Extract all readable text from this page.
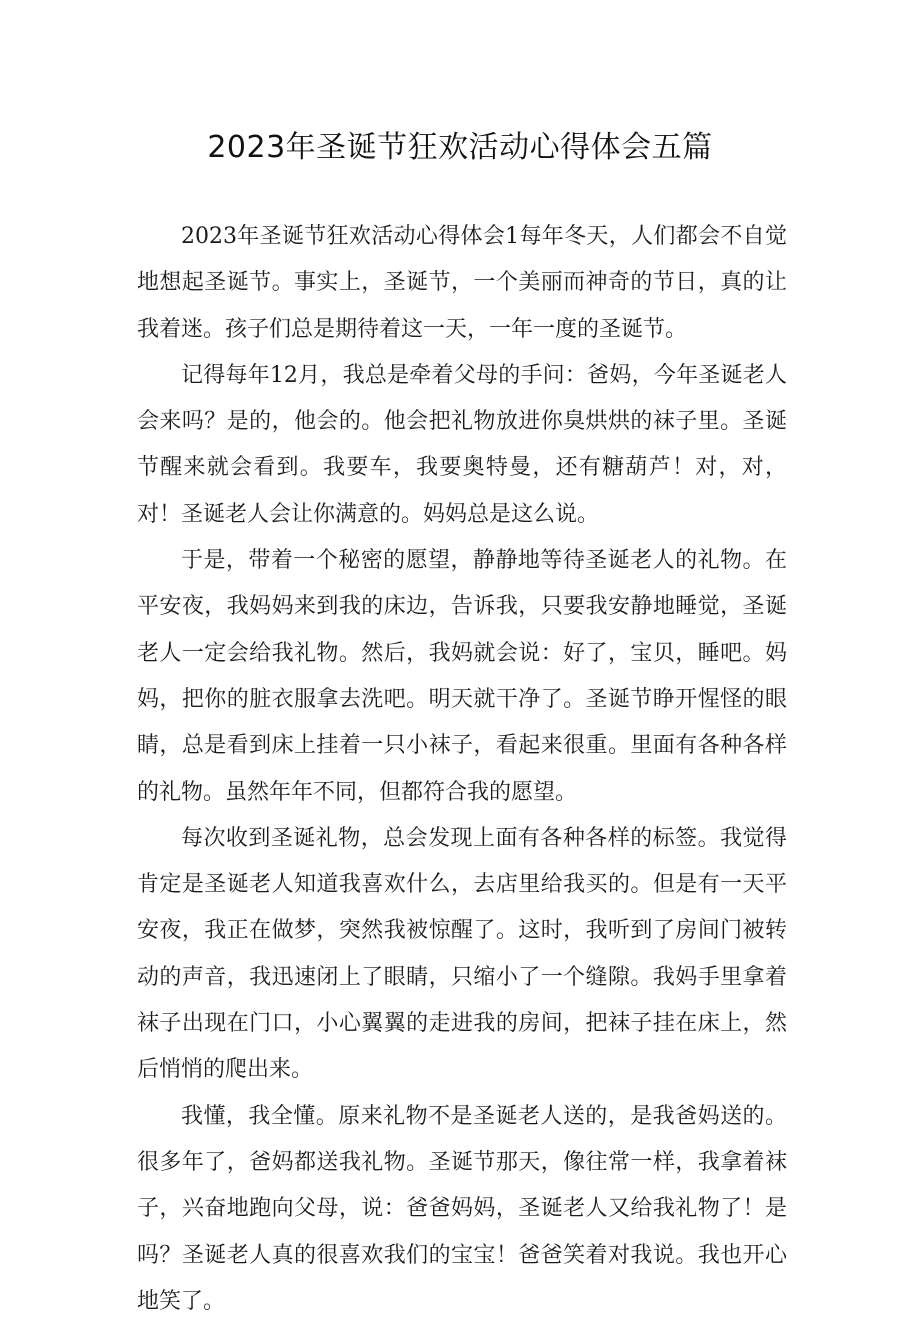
2023年圣诞节狂欢活动心得体会五篇

2023年圣诞节狂欢活动心得体会1每年冬天，人们都会不自觉地想起圣诞节。事实上，圣诞节，一个美丽而神奇的节日，真的让我着迷。孩子们总是期待着这一天，一年一度的圣诞节。

记得每年12月，我总是牵着父母的手问：爸妈，今年圣诞老人会来吗？是的，他会的。他会把礼物放进你臭烘烘的袜子里。圣诞节醒来就会看到。我要车，我要奥特曼，还有糖葫芦！对，对，对！圣诞老人会让你满意的。妈妈总是这么说。

于是，带着一个秘密的愿望，静静地等待圣诞老人的礼物。在平安夜，我妈妈来到我的床边，告诉我，只要我安静地睡觉，圣诞老人一定会给我礼物。然后，我妈就会说：好了，宝贝，睡吧。妈妈，把你的脏衣服拿去洗吧。明天就干净了。圣诞节睁开惺怪的眼睛，总是看到床上挂着一只小袜子，看起来很重。里面有各种各样的礼物。虽然年年不同，但都符合我的愿望。

每次收到圣诞礼物，总会发现上面有各种各样的标签。我觉得肯定是圣诞老人知道我喜欢什么，去店里给我买的。但是有一天平安夜，我正在做梦，突然我被惊醒了。这时，我听到了房间门被转动的声音，我迅速闭上了眼睛，只缩小了一个缝隙。我妈手里拿着袜子出现在门口，小心翼翼的走进我的房间，把袜子挂在床上，然后悄悄的爬出来。

我懂，我全懂。原来礼物不是圣诞老人送的，是我爸妈送的。很多年了，爸妈都送我礼物。圣诞节那天，像往常一样，我拿着袜子，兴奋地跑向父母，说：爸爸妈妈，圣诞老人又给我礼物了！是吗？圣诞老人真的很喜欢我们的宝宝！爸爸笑着对我说。我也开心地笑了。
